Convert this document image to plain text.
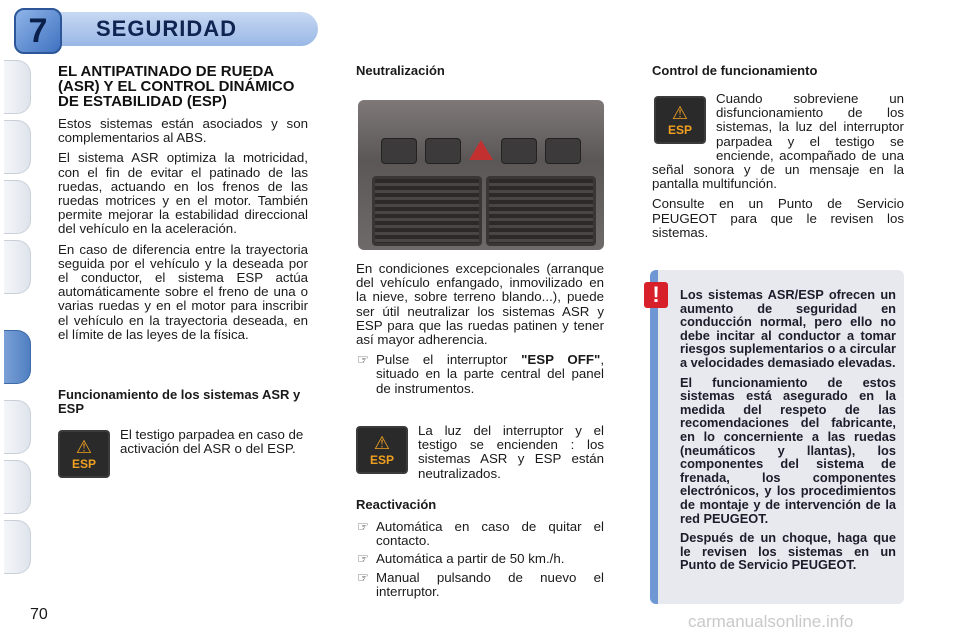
7	SEGURIDAD
EL ANTIPATINADO DE RUEDA (ASR) Y EL CONTROL DINÁMICO DE ESTABILIDAD (ESP)

Estos sistemas están asociados y son complementarios al ABS.

El sistema ASR optimiza la motricidad, con el fin de evitar el patinado de las ruedas, actuando en los frenos de las ruedas motrices y en el motor. También permite mejorar la estabilidad direccional del vehículo en la aceleración.

En caso de diferencia entre la trayectoria seguida por el vehículo y la deseada por el conductor, el sistema ESP actúa automáticamente sobre el freno de una o varias ruedas y en el motor para inscribir el vehículo en la trayectoria deseada, en el límite de las leyes de la física.

Funcionamiento de los sistemas ASR y ESP
⚠
ESP

El testigo parpadea en caso de activación del ASR o del ESP.

Neutralización

En condiciones excepcionales (arranque del vehículo enfangado, inmovilizado en la nieve, sobre terreno blando...), puede ser útil neutralizar los sistemas ASR y ESP para que las ruedas patinen y tener así mayor adherencia.

☞ Pulse el interruptor "ESP OFF", situado en la parte central del panel de instrumentos.
⚠
ESP

La luz del interruptor y el testigo se encienden : los sistemas ASR y ESP están neutralizados.

Reactivación
☞ Automática en caso de quitar el contacto.
☞ Automática a partir de 50 km./h.
☞ Manual pulsando de nuevo el interruptor.
Control de funcionamiento
⚠
ESP

Cuando sobreviene un disfuncionamiento de los sistemas, la luz del interruptor parpadea y el testigo se enciende, acompañado de una señal sonora y de un mensaje en la pantalla multifunción.

Consulte en un Punto de Servicio PEUGEOT para que le revisen los sistemas.

Los sistemas ASR/ESP ofrecen un aumento de seguridad en conducción normal, pero ello no debe incitar al conductor a tomar riesgos suplementarios o a circular a velocidades demasiado elevadas.

El funcionamiento de estos sistemas está asegurado en la medida del respeto de las recomendaciones del fabricante, en lo concerniente a las ruedas (neumáticos y llantas), los componentes del sistema de frenada, los componentes electrónicos, y los procedimientos de montaje y de intervención de la red PEUGEOT.

Después de un choque, haga que le revisen los sistemas en un Punto de Servicio PEUGEOT.

!
70	carmanualsonline.info
